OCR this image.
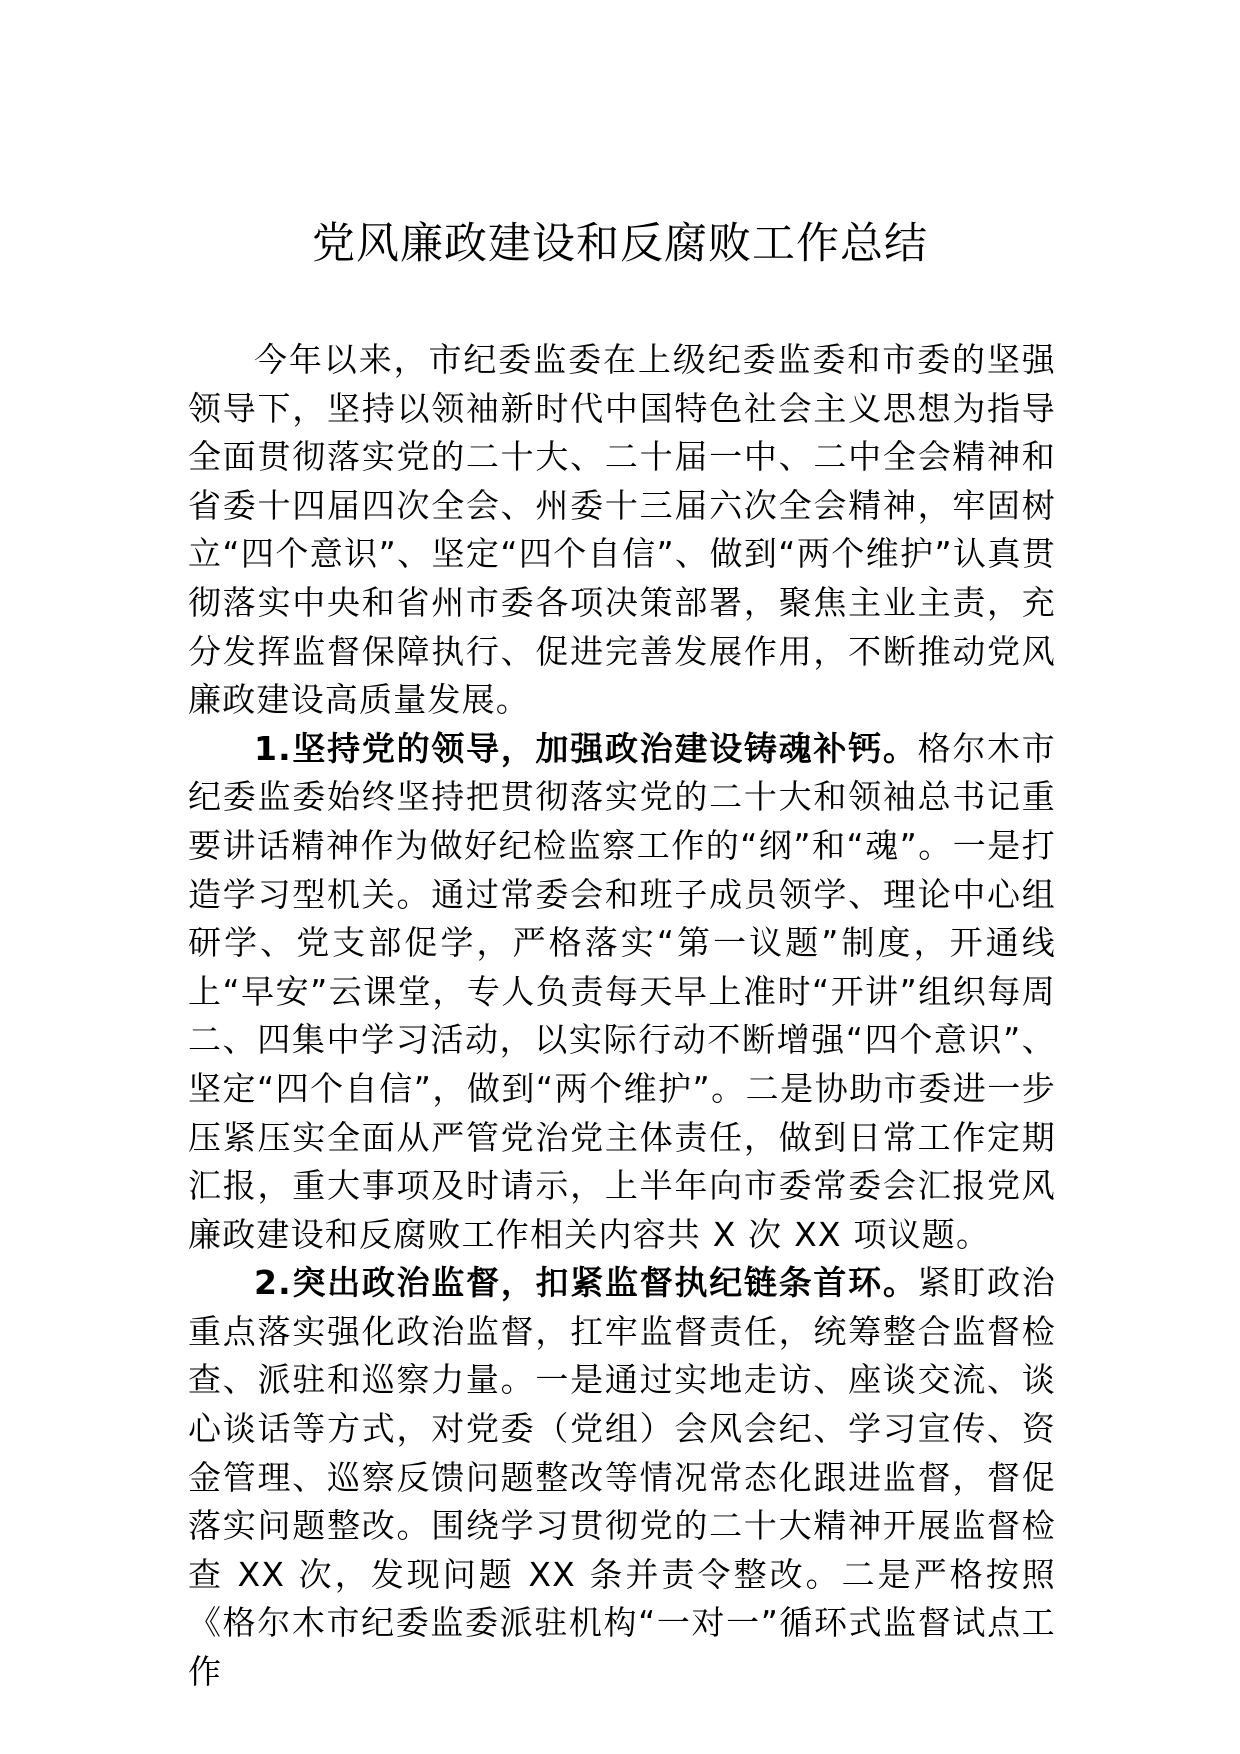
党风廉政建设和反腐败工作总结

今年以来，市纪委监委在上级纪委监委和市委的坚强领导下，坚持以领袖新时代中国特色社会主义思想为指导全面贯彻落实党的二十大、二十届一中、二中全会精神和省委十四届四次全会、州委十三届六次全会精神，牢固树立“四个意识”、坚定“四个自信”、做到“两个维护”认真贯彻落实中央和省州市委各项决策部署，聚焦主业主责，充分发挥监督保障执行、促进完善发展作用，不断推动党风廉政建设高质量发展。

1.坚持党的领导，加强政治建设铸魂补钙。格尔木市纪委监委始终坚持把贯彻落实党的二十大和领袖总书记重要讲话精神作为做好纪检监察工作的“纲”和“魂”。一是打造学习型机关。通过常委会和班子成员领学、理论中心组研学、党支部促学，严格落实“第一议题”制度，开通线上“早安”云课堂，专人负责每天早上准时“开讲”组织每周二、四集中学习活动，以实际行动不断增强“四个意识”、坚定“四个自信”，做到“两个维护”。二是协助市委进一步压紧压实全面从严管党治党主体责任，做到日常工作定期汇报，重大事项及时请示，上半年向市委常委会汇报党风廉政建设和反腐败工作相关内容共 X 次 XX 项议题。

2.突出政治监督，扣紧监督执纪链条首环。紧盯政治重点落实强化政治监督，扛牢监督责任，统筹整合监督检查、派驻和巡察力量。一是通过实地走访、座谈交流、谈心谈话等方式，对党委（党组）会风会纪、学习宣传、资金管理、巡察反馈问题整改等情况常态化跟进监督，督促落实问题整改。围绕学习贯彻党的二十大精神开展监督检查 XX 次，发现问题 XX 条并责令整改。二是严格按照《格尔木市纪委监委派驻机构“一对一”循环式监督试点工作
